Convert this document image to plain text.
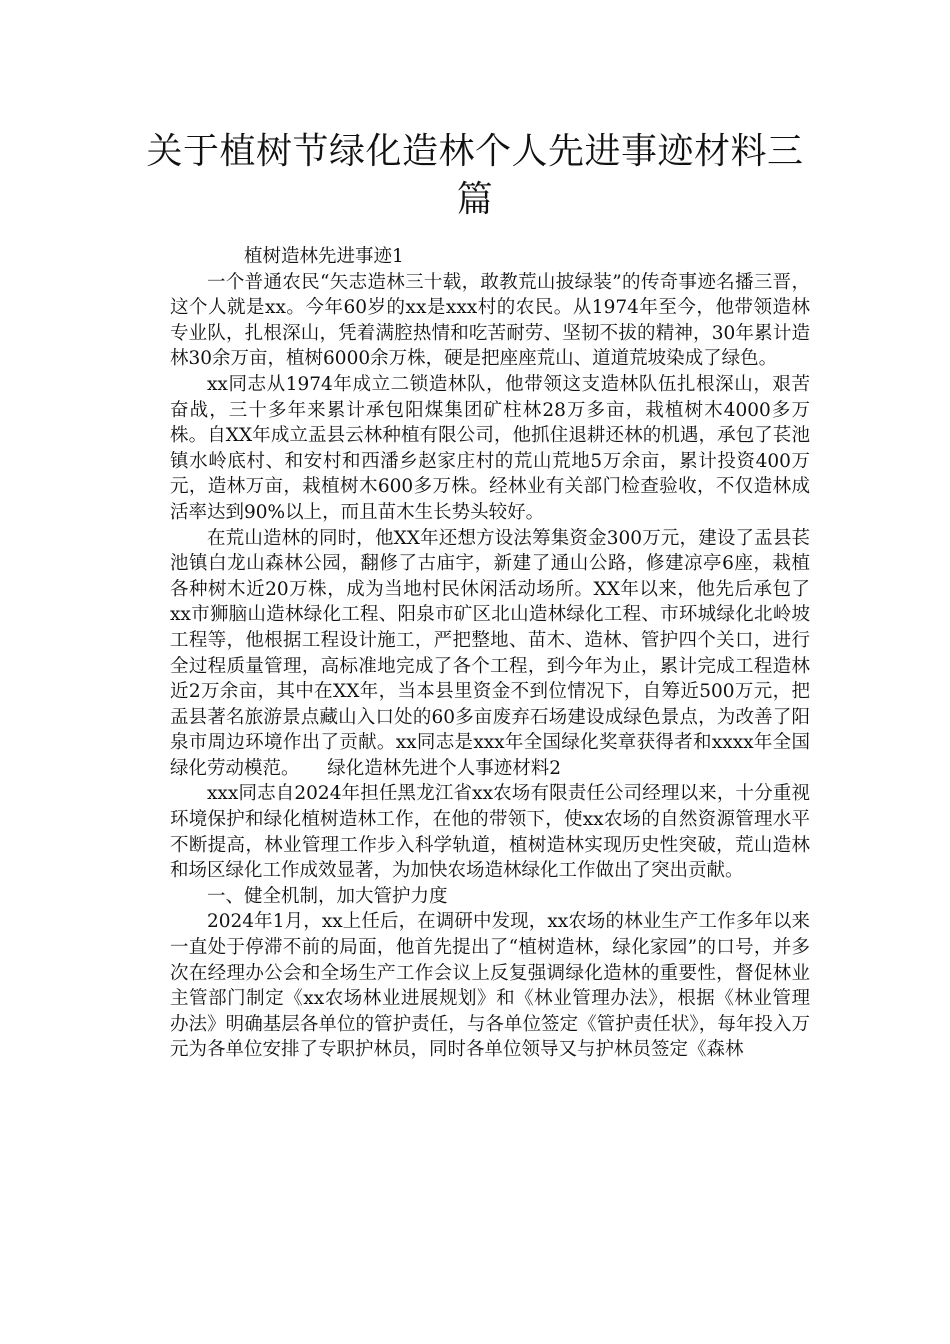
关于植树节绿化造林个人先进事迹材料三篇

植树造林先进事迹1

一个普通农民“矢志造林三十载，敢教荒山披绿装”的传奇事迹名播三晋，这个人就是xx。今年60岁的xx是xxx村的农民。从1974年至今，他带领造林专业队，扎根深山，凭着满腔热情和吃苦耐劳、坚韧不拔的精神，30年累计造林30余万亩，植树6000余万株，硬是把座座荒山、道道荒坡染成了绿色。

xx同志从1974年成立二锁造林队，他带领这支造林队伍扎根深山，艰苦奋战，三十多年来累计承包阳煤集团矿柱林28万多亩，栽植树木4000多万株。自XX年成立盂县云林种植有限公司，他抓住退耕还林的机遇，承包了苌池镇水岭底村、和安村和西潘乡赵家庄村的荒山荒地5万余亩，累计投资400万元，造林万亩，栽植树木600多万株。经林业有关部门检查验收，不仅造林成活率达到90%以上，而且苗木生长势头较好。

在荒山造林的同时，他XX年还想方设法筹集资金300万元，建设了盂县苌池镇白龙山森林公园，翻修了古庙宇，新建了通山公路，修建凉亭6座，栽植各种树木近20万株，成为当地村民休闲活动场所。XX年以来，他先后承包了xx市狮脑山造林绿化工程、阳泉市矿区北山造林绿化工程、市环城绿化北岭坡工程等，他根据工程设计施工，严把整地、苗木、造林、管护四个关口，进行全过程质量管理，高标准地完成了各个工程，到今年为止，累计完成工程造林近2万余亩，其中在XX年，当本县里资金不到位情况下，自筹近500万元，把盂县著名旅游景点藏山入口处的60多亩废弃石场建设成绿色景点，为改善了阳泉市周边环境作出了贡献。xx同志是xxx年全国绿化奖章获得者和xxxx年全国绿化劳动模范。　　绿化造林先进个人事迹材料2

xxx同志自2024年担任黑龙江省xx农场有限责任公司经理以来，十分重视环境保护和绿化植树造林工作，在他的带领下，使xx农场的自然资源管理水平不断提高，林业管理工作步入科学轨道，植树造林实现历史性突破，荒山造林和场区绿化工作成效显著，为加快农场造林绿化工作做出了突出贡献。

一、健全机制，加大管护力度

2024年1月，xx上任后，在调研中发现，xx农场的林业生产工作多年以来一直处于停滞不前的局面，他首先提出了“植树造林，绿化家园”的口号，并多次在经理办公会和全场生产工作会议上反复强调绿化造林的重要性，督促林业主管部门制定《xx农场林业进展规划》和《林业管理办法》，根据《林业管理办法》明确基层各单位的管护责任，与各单位签定《管护责任状》，每年投入万元为各单位安排了专职护林员，同时各单位领导又与护林员签定《森林
